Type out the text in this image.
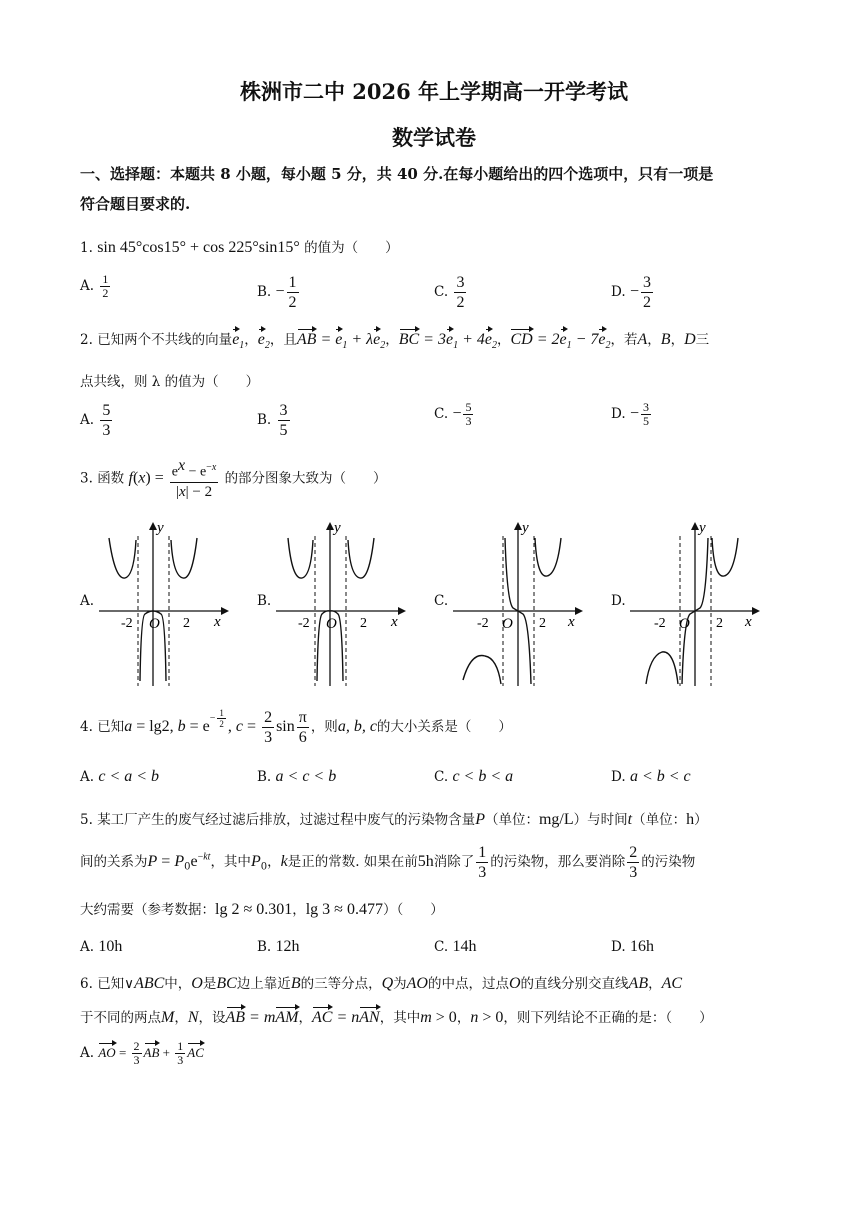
株洲市二中 2026 年上学期高一开学考试
数学试卷
一、选择题：本题共 8 小题，每小题 5 分，共 40 分.在每小题给出的四个选项中，只有一项是
符合题目要求的.
1. sin 45°cos15° + cos 225°sin15° 的值为（　　）
A. $\frac{1}{2}$	B. − $\frac{1}{2}$	C. $\frac{3}{2}$	D. − $\frac{3}{2}$
2. 已知两个不共线的向量$e_1$，$e_2$，且AB = $e_1 + \lambda e_2$，BC = $3e_1 + 4e_2$，CD = $2e_1 - 7e_2$，若A，B，D三
点共线，则 λ 的值为（　　）
A. $\frac{5}{3}$	B. $\frac{3}{5}$	C. − $\frac{5}{3}$	D. − $\frac{3}{5}$
3. 函数 $f(x) = \frac{e^x - e^{-x}}{|x| - 2}$ 的部分图象大致为（　　）
A.	B.	C.	D.
y
x
O
-2	2
y
x
O
-2	2
y
x
O
-2	2
y
x
O
-2	2
4. 已知a = lg2, $b = e^{- \frac{1}{2}}$ , $c = \frac{2}{3}$ $\sin \frac{\pi}{6}$ ，则a, b, c的大小关系是（　　）
A. c < a < b	B. a < c < b	C. c < b < a	D. a < b < c
5. 某工厂产生的废气经过滤后排放，过滤过程中废气的污染物含量P（单位：mg/L）与时间t（单位：h）
间的关系为$P = P_0e^{-kt}$，其中$P_0$，k是正的常数. 如果在前5h消除了 $\frac{1}{3}$ 的污染物，那么要消除 $\frac{2}{3}$ 的污染物
大约需要（参考数据：lg 2 ≈ 0.301，lg 3 ≈ 0.477）（　　）
A. 10h	B. 12h	C. 14h	D. 16h
6. 已知∨ABC中，O是BC边上靠近B的三等分点，Q为AO的中点，过点O的直线分别交直线AB，AC
于不同的两点M，N，设AB = mAM，AC = nAN，其中m > 0，n > 0，则下列结论不正确的是：（　　）
A. AO = $\frac{2}{3}$ AB + $\frac{1}{3}$ AC
